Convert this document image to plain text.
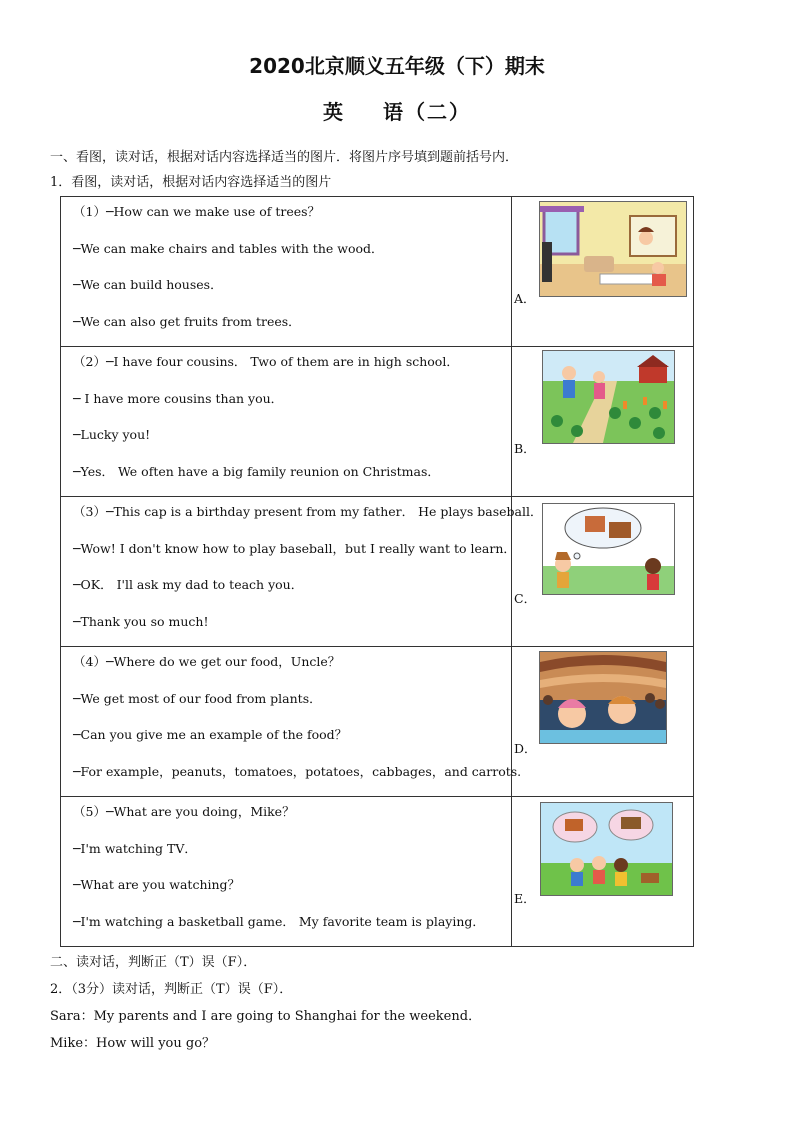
2020北京顺义五年级（下）期末
英 语（二）
一、看图，读对话，根据对话内容选择适当的图片．将图片序号填到题前括号内．
1．看图，读对话，根据对话内容选择适当的图片
（1）─How can we make use of trees？
─We can make chairs and tables with the wood．
─We can build houses．
─We can also get fruits from trees．	A．

（2）─I have four cousins． Two of them are in high school．
─ I have more cousins than you．
─Lucky you!
─Yes． We often have a big family reunion on Christmas．	B．

（3）─This cap is a birthday present from my father． He plays baseball．
─Wow! I don't know how to play baseball，but I really want to learn．
─OK． I'll ask my dad to teach you．
─Thank you so much!	C．

（4）─Where do we get our food，Uncle？
─We get most of our food from plants．
─Can you give me an example of the food？
─For example，peanuts，tomatoes，potatoes，cabbages，and carrots.	D．

（5）─What are you doing，Mike？
─I'm watching TV．
─What are you watching？
─I'm watching a basketball game． My favorite team is playing．	E．
二、读对话，判断正（T）误（F）．
2．（3分）读对话，判断正（T）误（F）．
Sara：My parents and I are going to Shanghai for the weekend．
Mike：How will you go？
